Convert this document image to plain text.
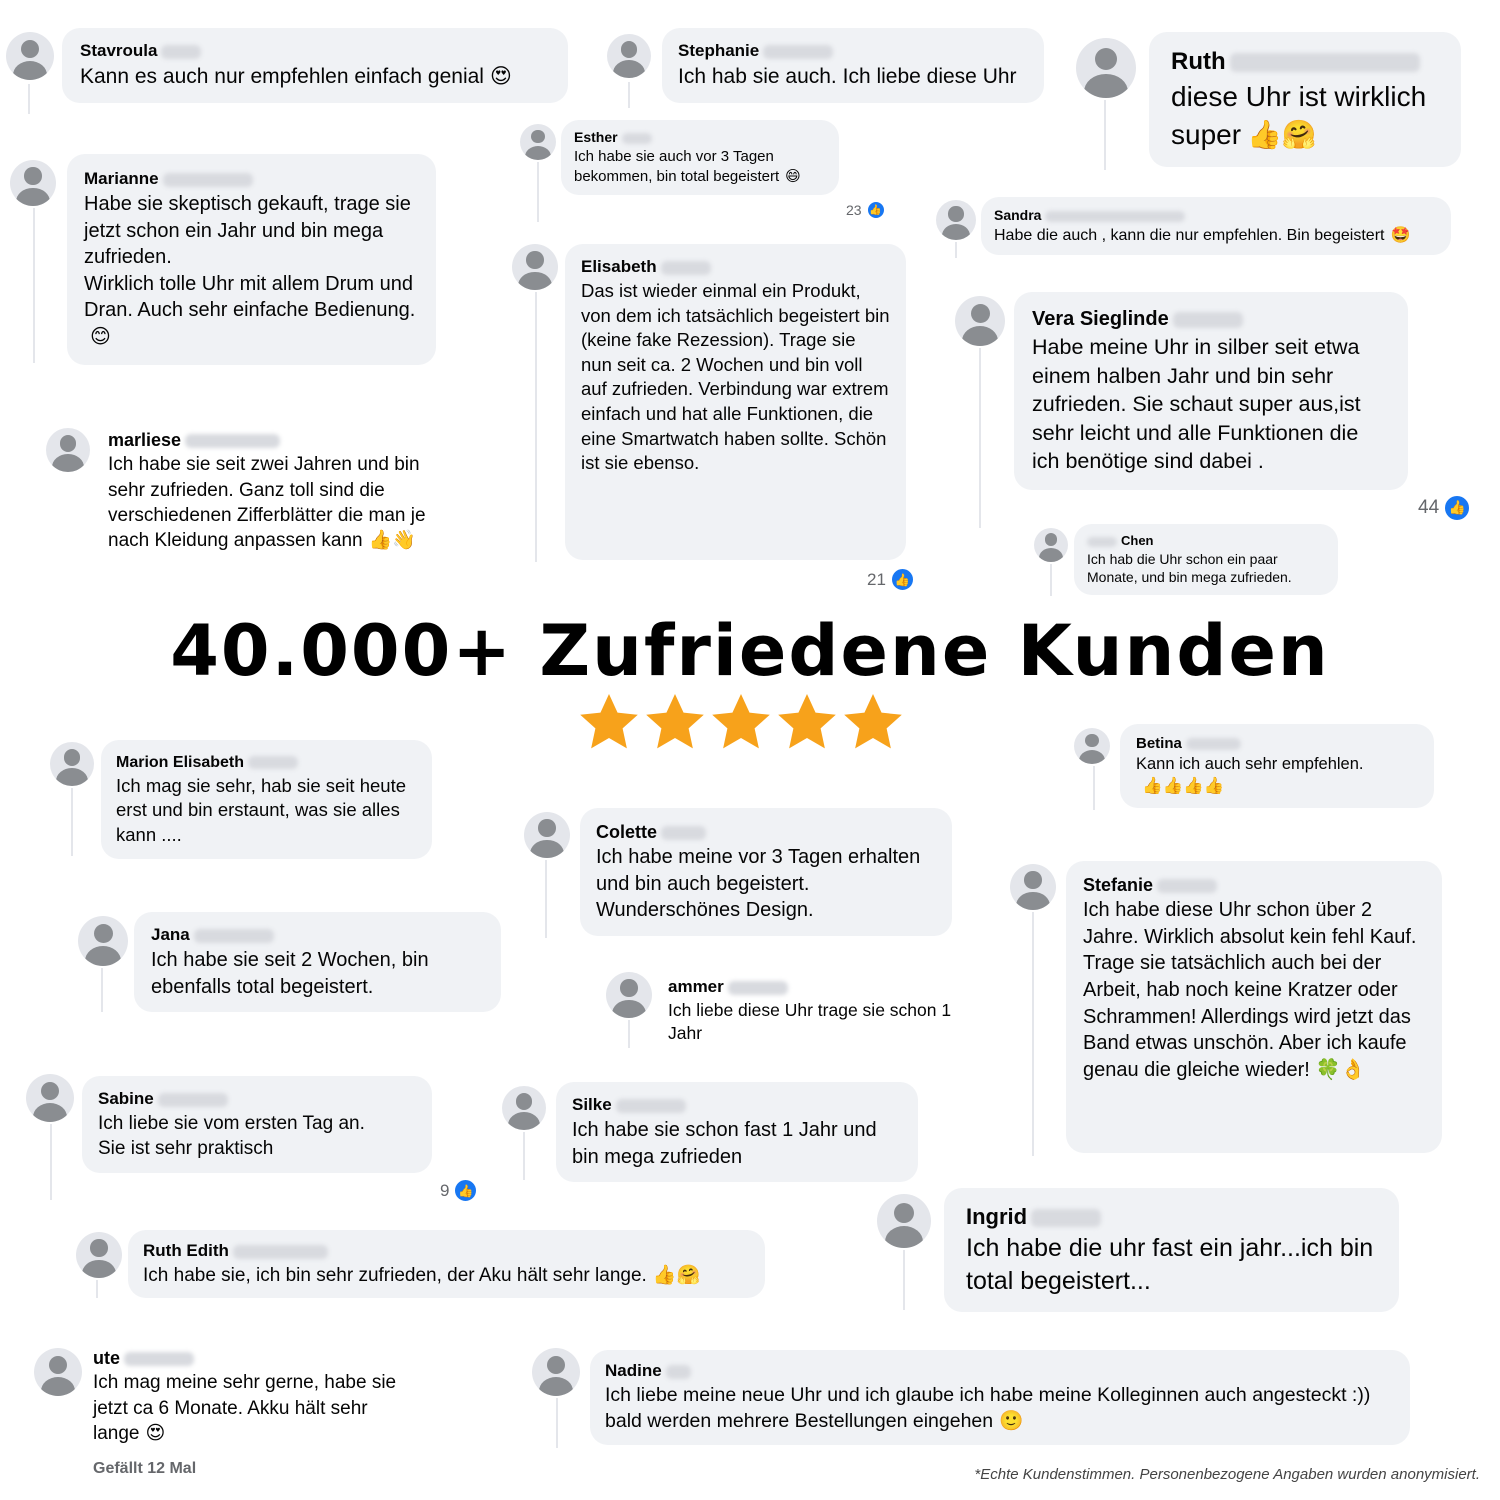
40.000+ Zufriedene Kunden
Gefällt 12 Mal	*Echte Kundenstimmen. Personenbezogene Angaben wurden anonymisiert.
Stavroula
Kann es auch nur empfehlen einfach genial 😍
Stephanie
Ich hab sie auch. Ich liebe diese Uhr
Ruth
diese Uhr ist wirklich super 👍🤗
Esther
Ich habe sie auch vor 3 Tagen bekommen, bin total begeistert 😄
23 👍
Marianne
Habe sie skeptisch gekauft, trage sie jetzt schon ein Jahr und bin mega zufrieden.
Wirklich tolle Uhr mit allem Drum und Dran. Auch sehr einfache Bedienung.😊
Sandra
Habe die auch , kann die nur empfehlen. Bin begeistert 🤩
Elisabeth
Das ist wieder einmal ein Produkt, von dem ich tatsächlich begeistert bin (keine fake Rezession). Trage sie nun seit ca. 2 Wochen und bin voll auf zufrieden. Verbindung war extrem einfach und hat alle Funktionen, die eine Smartwatch haben sollte. Schön ist sie ebenso.
21 👍
Vera Sieglinde
Habe meine Uhr in silber seit etwa einem halben Jahr und bin sehr zufrieden. Sie schaut super aus,ist sehr leicht und alle Funktionen die ich benötige sind dabei .
44 👍
marliese
Ich habe sie seit zwei Jahren und bin sehr zufrieden. Ganz toll sind die verschiedenen Zifferblätter die man je nach Kleidung anpassen kann 👍👋	Chen
Ich hab die Uhr schon ein paar Monate, und bin mega zufrieden.
Marion Elisabeth
Ich mag sie sehr, hab sie seit heute erst und bin erstaunt, was sie alles kann ....
Betina
Kann ich auch sehr empfehlen.👍👍👍👍
Colette
Ich habe meine vor 3 Tagen erhalten und bin auch begeistert. Wunderschönes Design.
Stefanie
Ich habe diese Uhr schon über 2 Jahre. Wirklich absolut kein fehl Kauf.
Trage sie tatsächlich auch bei der Arbeit, hab noch keine Kratzer oder Schrammen! Allerdings wird jetzt das Band etwas unschön. Aber ich kaufe genau die gleiche wieder! 🍀👌
Jana
Ich habe sie seit 2 Wochen, bin ebenfalls total begeistert.	ammer
Ich liebe diese Uhr trage sie schon 1 Jahr
Sabine
Ich liebe sie vom ersten Tag an.
Sie ist sehr praktisch
9 👍
Silke
Ich habe sie schon fast 1 Jahr und bin mega zufrieden
Ingrid
Ich habe die uhr fast ein jahr...ich bin total begeistert...
Ruth Edith
Ich habe sie, ich bin sehr zufrieden, der Aku hält sehr lange. 👍🤗
ute
Ich mag meine sehr gerne, habe sie jetzt ca 6 Monate. Akku hält sehr lange 😍
Nadine
Ich liebe meine neue Uhr und ich glaube ich habe meine Kolleginnen auch angesteckt :)) bald werden mehrere Bestellungen eingehen 🙂
